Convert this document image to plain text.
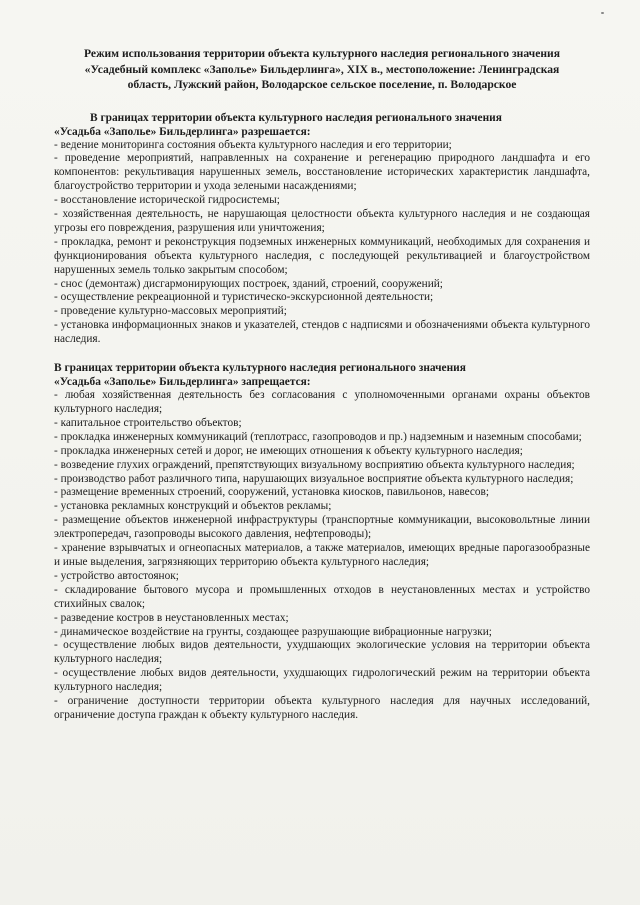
Режим использования территории объекта культурного наследия регионального значения
«Усадебный комплекс «Заполье» Бильдерлинга», XIX в., местоположение: Ленинградская
область, Лужский район, Володарское сельское поселение, п. Володарское
В границах территории объекта культурного наследия регионального значения
«Усадьба «Заполье» Бильдерлинга» разрешается:
- ведение мониторинга состояния объекта культурного наследия и его территории;
- проведение мероприятий, направленных на сохранение и регенерацию природного ландшафта и его компонентов: рекультивация нарушенных земель, восстановление исторических характеристик ландшафта, благоустройство территории и ухода зелеными насаждениями;
- восстановление исторической гидросистемы;
- хозяйственная деятельность, не нарушающая целостности объекта культурного наследия и не создающая угрозы его повреждения, разрушения или уничтожения;
- прокладка, ремонт и реконструкция подземных инженерных коммуникаций, необходимых для сохранения и функционирования объекта культурного наследия, с последующей рекультивацией и благоустройством нарушенных земель только закрытым способом;
- снос (демонтаж) дисгармонирующих построек, зданий, строений, сооружений;
- осуществление рекреационной и туристическо-экскурсионной деятельности;
- проведение культурно-массовых мероприятий;
- установка информационных знаков и указателей, стендов с надписями и обозначениями объекта культурного наследия.
В границах территории объекта культурного наследия регионального значения
«Усадьба «Заполье» Бильдерлинга» запрещается:
- любая хозяйственная деятельность без согласования с уполномоченными органами охраны объектов культурного наследия;
- капитальное строительство объектов;
- прокладка инженерных коммуникаций (теплотрасс, газопроводов и пр.) надземным и наземным способами;
- прокладка инженерных сетей и дорог, не имеющих отношения к объекту культурного наследия;
- возведение глухих ограждений, препятствующих визуальному восприятию объекта культурного наследия;
- производство работ различного типа, нарушающих визуальное восприятие объекта культурного наследия;
- размещение временных строений, сооружений, установка киосков, павильонов, навесов;
- установка рекламных конструкций и объектов рекламы;
- размещение объектов инженерной инфраструктуры (транспортные коммуникации, высоковольтные линии электропередач, газопроводы высокого давления, нефтепроводы);
- хранение взрывчатых и огнеопасных материалов, а также материалов, имеющих вредные парогазообразные и иные выделения, загрязняющих территорию объекта культурного наследия;
- устройство автостоянок;
- складирование бытового мусора и промышленных отходов в неустановленных местах и устройство стихийных свалок;
- разведение костров в неустановленных местах;
- динамическое воздействие на грунты, создающее разрушающие вибрационные нагрузки;
- осуществление любых видов деятельности, ухудшающих экологические условия на территории объекта культурного наследия;
- осуществление любых видов деятельности, ухудшающих гидрологический режим на территории объекта культурного наследия;
- ограничение доступности территории объекта культурного наследия для научных исследований, ограничение доступа граждан к объекту культурного наследия.
